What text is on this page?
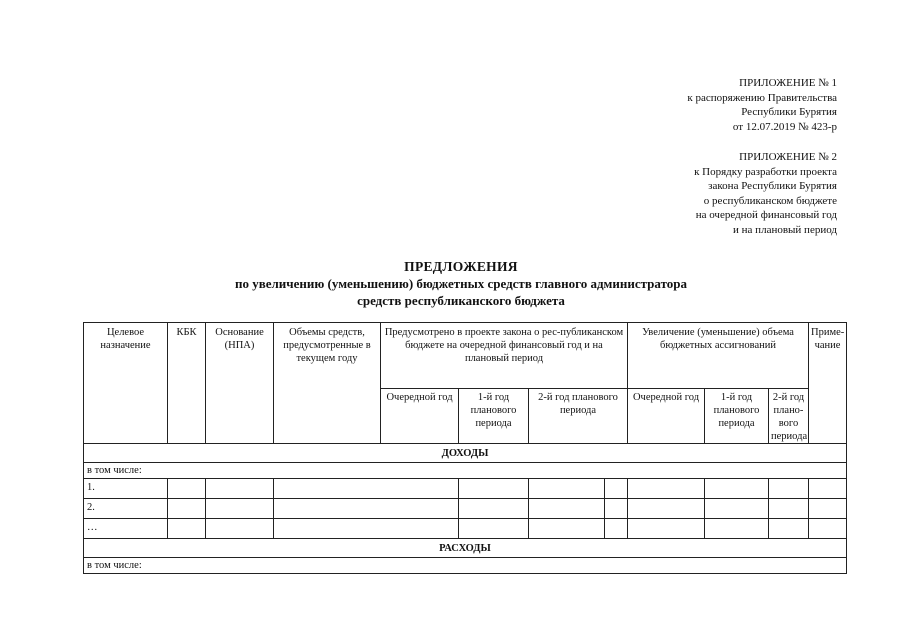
ПРИЛОЖЕНИЕ № 1
к распоряжению Правительства
Республики Бурятия
от 12.07.2019 № 423-р
ПРИЛОЖЕНИЕ № 2
к Порядку разработки проекта
закона Республики Бурятия
о республиканском бюджете
на очередной финансовый год
и на плановый период
ПРЕДЛОЖЕНИЯ
по увеличению (уменьшению) бюджетных средств главного администратора
средств республиканского бюджета
Целевое назначение	КБК	Основание (НПА)	Объемы средств, предусмотренные в текущем году	Предусмотрено в проекте закона о рес-публиканском бюджете на очередной финансовый год и на плановый период				Увеличение (уменьшение) объема бюджетных ассигнований			Приме-чание
				Очередной год	1-й год планового периода	2-й год планового периода		Очередной год	1-й год планового периода	2-й год плано-вого периода	
ДОХОДЫ											
в том числе:											
1.											
2.											
…											
РАСХОДЫ											
в том числе:											
